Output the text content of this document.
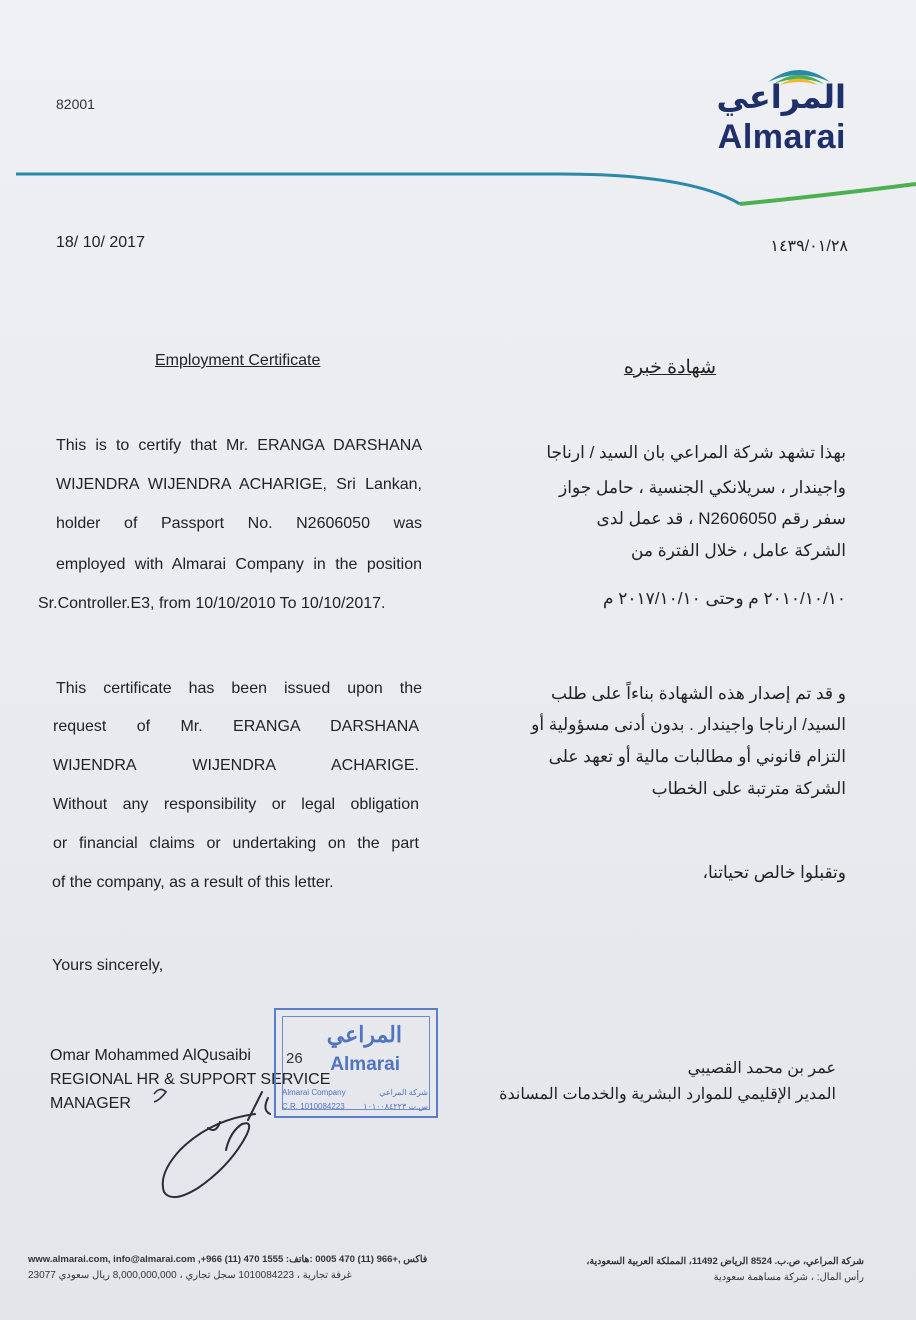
82001	المراعي
Almarai
18/ 10/ 2017	١٤٣٩/٠١/٢٨
Employment Certificate	شهادة خبره
This is to certify that Mr. ERANGA DARSHANA
WIJENDRA WIJENDRA ACHARIGE, Sri Lankan,
holder of Passport No. N2606050 was
employed with Almarai Company in the position
Sr.Controller.E3, from 10/10/2010 To 10/10/2017.
This certificate has been issued upon the
request of Mr. ERANGA DARSHANA
WIJENDRA WIJENDRA ACHARIGE.
Without any responsibility or legal obligation
or financial claims or undertaking on the part
of the company, as a result of this letter.
بهذا تشهد شركة المراعي بان السيد / ارناجا
واجيندار ، سريلانكي الجنسية ، حامل جواز
سفر رقم N2606050 ، قد عمل لدى
الشركة عامل ، خلال الفترة من
٢٠١٠/١٠/١٠ م وحتى ٢٠١٧/١٠/١٠ م
و قد تم إصدار هذه الشهادة بناءاً على طلب
السيد/ ارناجا واجيندار . بدون أدنى مسؤولية أو
التزام قانوني أو مطالبات مالية أو تعهد على
الشركة مترتبة على الخطاب
وتقبلوا خالص تحياتنا،
Yours sincerely,
Omar Mohammed AlQusaibi
REGIONAL HR & SUPPORT SERVICE
MANAGER
عمر بن محمد القصيبي
المدير الإقليمي للموارد البشرية والخدمات المساندة
المراعي
Almarai
26
Almarai Company	شركة المراعي
C.R. 1010084223 س.ت ١٠١٠٠٨٤٢٢٣
www.almarai.com, info@almarai.com ,+966 (11) 470 1555 :فاكس ,+966 (11) 470 0005 :هاتف	شركة المراعي، ص.ب. 8524 الرياض 11492، المملكة العربية السعودية،
23077 غرفة تجارية ، 1010084223 سجل تجاري ، 8,000,000,000 ريال سعودي	رأس المال: ، شركة مساهمة سعودية
